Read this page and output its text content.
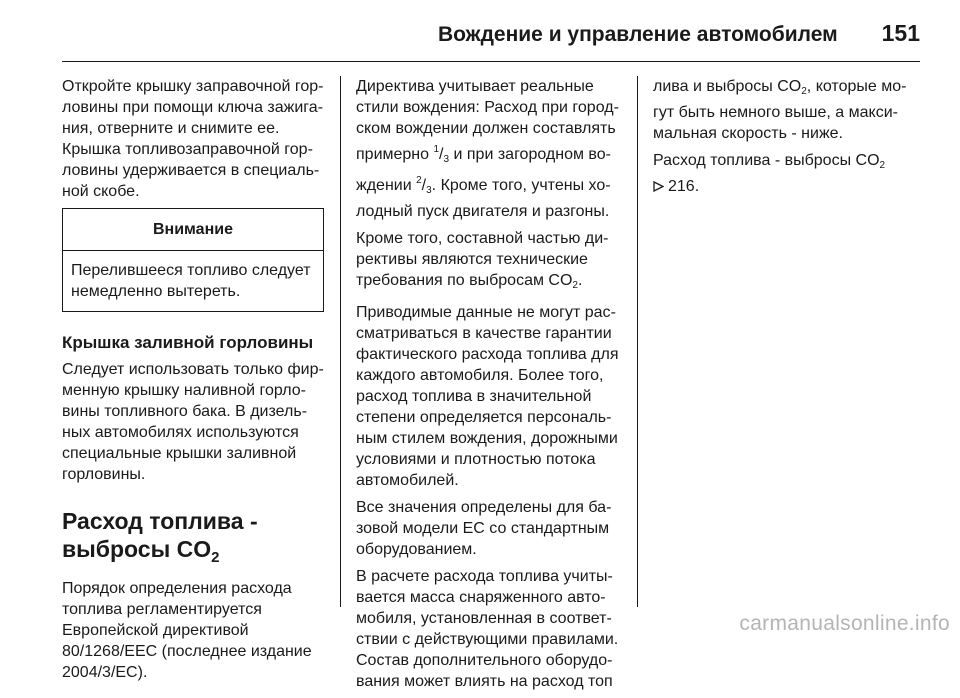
Вождение и управление автомобилем 151

Откройте крышку заправочной горловины при помощи ключа зажигания, отверните и снимите ее. Крышка топливозаправочной горловины удерживается в специальной скобе.

Внимание
Перелившееся топливо следует немедленно вытереть.

Крышка заливной горловины

Следует использовать только фирменную крышку наливной горловины топливного бака. В дизельных автомобилях используются специальные крышки заливной горловины.

Расход топлива -
выбросы $CO_2$

Порядок определения расхода топлива регламентируется Европейской директивой 80/1268/EEC (последнее издание 2004/3/EC).

Директива учитывает реальные стили вождения: Расход при городском вождении должен составлять примерно $^1/_3$ и при загородном вождении $^2/_3$. Кроме того, учтены холодный пуск двигателя и разгоны.

Кроме того, составной частью директивы являются технические требования по выбросам $CO_2$.

Приводимые данные не могут рассматриваться в качестве гарантии фактического расхода топлива для каждого автомобиля. Более того, расход топлива в значительной степени определяется персональным стилем вождения, дорожными условиями и плотностью потока автомобилей.

Все значения определены для базовой модели ЕС со стандартным оборудованием.

В расчете расхода топлива учитывается масса снаряженного автомобиля, установленная в соответствии с действующими правилами. Состав дополнительного оборудования может влиять на расход топ

лива и выбросы $CO_2$, которые могут быть немного выше, а максимальная скорость - ниже.

Расход топлива - выбросы $CO_2$
216.

carmanualsonline.info
